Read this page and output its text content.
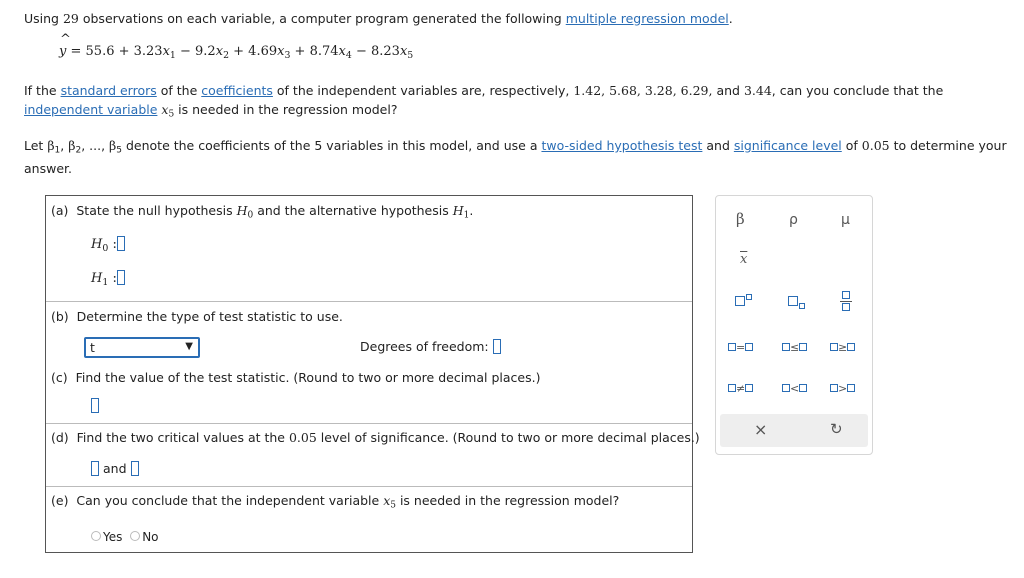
Using 29 observations on each variable, a computer program generated the following multiple regression model.
^ $y = 55.6 + 3.23x_1 - 9.2x_2 + 4.69x_3 + 8.74x_4 - 8.23x_5$
If the standard errors of the coefficients of the independent variables are, respectively, 1.42, 5.68, 3.28, 6.29, and 3.44, can you conclude that the
independent variable $x_5$ is needed in the regression model?
Let $\beta_1$, $\beta_2$, ..., $\beta_5$ denote the coefficients of the 5 variables in this model, and use a two-sided hypothesis test and significance level of 0.05 to determine your
answer.
(a) State the null hypothesis $H_0$ and the alternative hypothesis $H_1$.
$H_0$ :
$H_1$ :
(b) Determine the type of test statistic to use.
t	▼	Degrees of freedom:
(c) Find the value of the test statistic. (Round to two or more decimal places.)
(d) Find the two critical values at the 0.05 level of significance. (Round to two or more decimal places.)
and
(e) Can you conclude that the independent variable $x_5$ is needed in the regression model?
Yes No
β	ρ	μ
$\overline{x}$
=	≤	≥
≠	<	>
×	↻
